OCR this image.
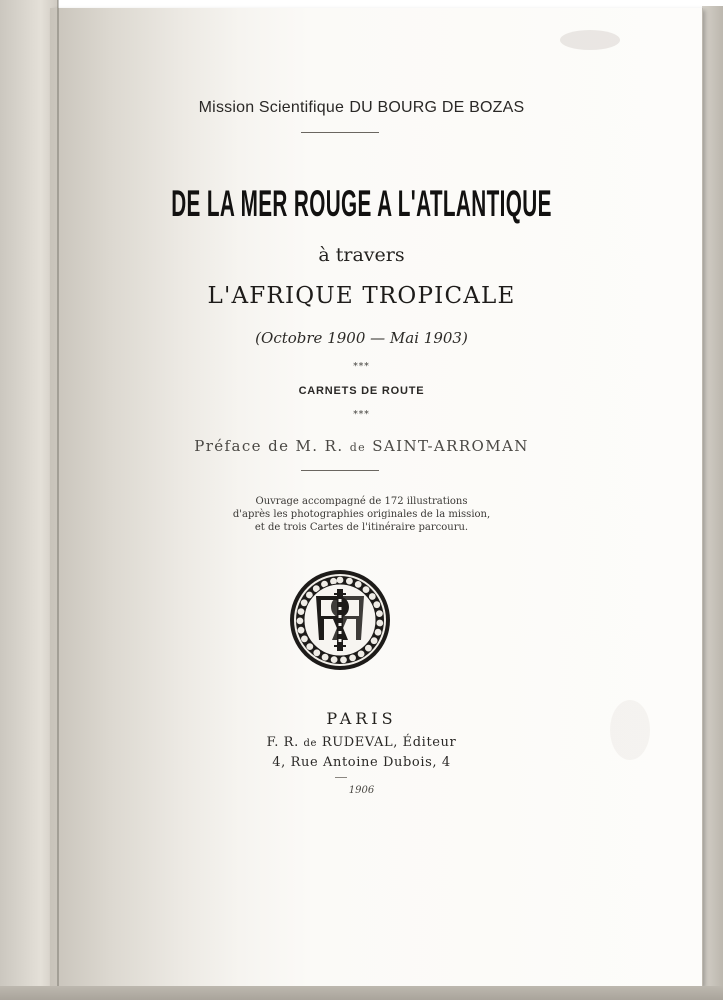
Mission Scientifique DU BOURG DE BOZAS
DE LA MER ROUGE A L'ATLANTIQUE
à travers
L'AFRIQUE TROPICALE
(Octobre 1900 — Mai 1903)
***
CARNETS DE ROUTE
***
Préface de M. R. de SAINT-ARROMAN
Ouvrage accompagné de 172 illustrations
d'après les photographies originales de la mission,
et de trois Cartes de l'itinéraire parcouru.
PARIS
F. R. de RUDEVAL, Éditeur
4, Rue Antoine Dubois, 4
1906
